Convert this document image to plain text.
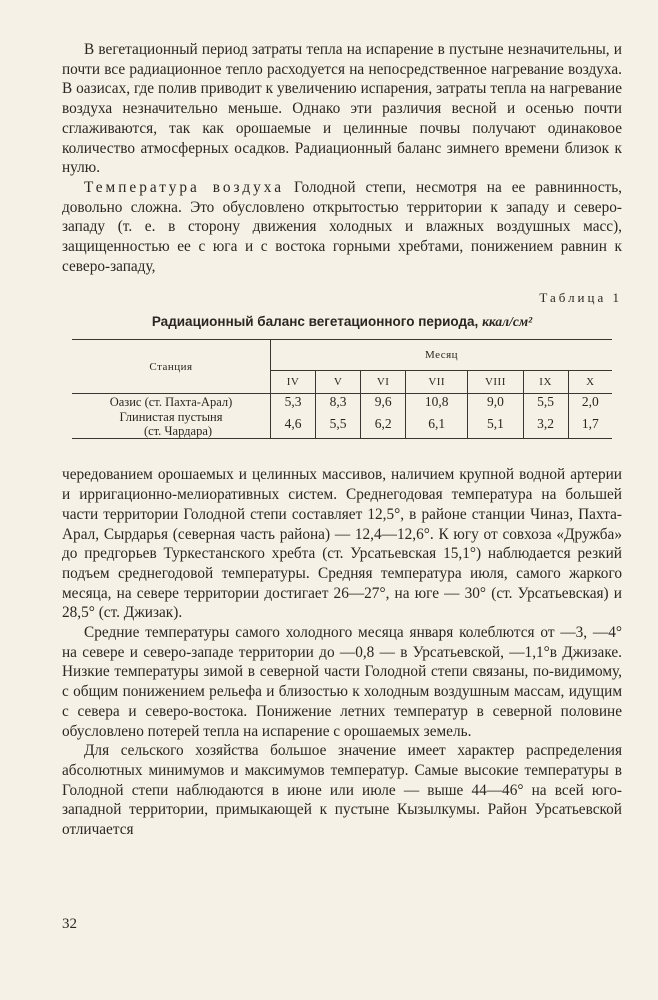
В вегетационный период затраты тепла на испарение в пустыне незначительны, и почти все радиационное тепло расходуется на непосредственное нагревание воздуха. В оазисах, где полив приводит к увеличению испарения, затраты тепла на нагревание воздуха незначительно меньше. Однако эти различия весной и осенью почти сглаживаются, так как орошаемые и целинные почвы получают одинаковое количество атмосферных осадков. Радиационный баланс зимнего времени близок к нулю.

Температура воздуха Голодной степи, несмотря на ее равнинность, довольно сложна. Это обусловлено открытостью территории к западу и северо-западу (т. е. в сторону движения холодных и влажных воздушных масс), защищенностью ее с юга и с востока горными хребтами, понижением равнин к северо-западу,

Таблица 1
Радиационный баланс вегетационного периода, ккал/см²
Станция	Месяц						
	IV	V	VI	VII	VIII	IX	X
Оазис (ст. Пахта-Арал)	5,3	8,3	9,6	10,8	9,0	5,5	2,0

Глинистая пустыня
(ст. Чардара)	4,6	5,5	6,2	6,1	5,1	3,2	1,7

чередованием орошаемых и целинных массивов, наличием крупной водной артерии и ирригационно-мелиоративных систем. Среднегодовая температура на большей части территории Голодной степи составляет 12,5°, в районе станции Чиназ, Пахта-Арал, Сырдарья (северная часть района) — 12,4—12,6°. К югу от совхоза «Дружба» до предгорьев Туркестанского хребта (ст. Урсатьевская 15,1°) наблюдается резкий подъем среднегодовой температуры. Средняя температура июля, самого жаркого месяца, на севере территории достигает 26—27°, на юге — 30° (ст. Урсатьевская) и 28,5° (ст. Джизак).

Средние температуры самого холодного месяца января колеблются от —3, —4° на севере и северо-западе территории до —0,8 — в Урсатьевской, —1,1°в Джизаке. Низкие температуры зимой в северной части Голодной степи связаны, по-видимому, с общим понижением рельефа и близостью к холодным воздушным массам, идущим с севера и северо-востока. Понижение летних температур в северной половине обусловлено потерей тепла на испарение с орошаемых земель.

Для сельского хозяйства большое значение имеет характер распределения абсолютных минимумов и максимумов температур. Самые высокие температуры в Голодной степи наблюдаются в июне или июле — выше 44—46° на всей юго-западной территории, примыкающей к пустыне Кызылкумы. Район Урсатьевской отличается

32
